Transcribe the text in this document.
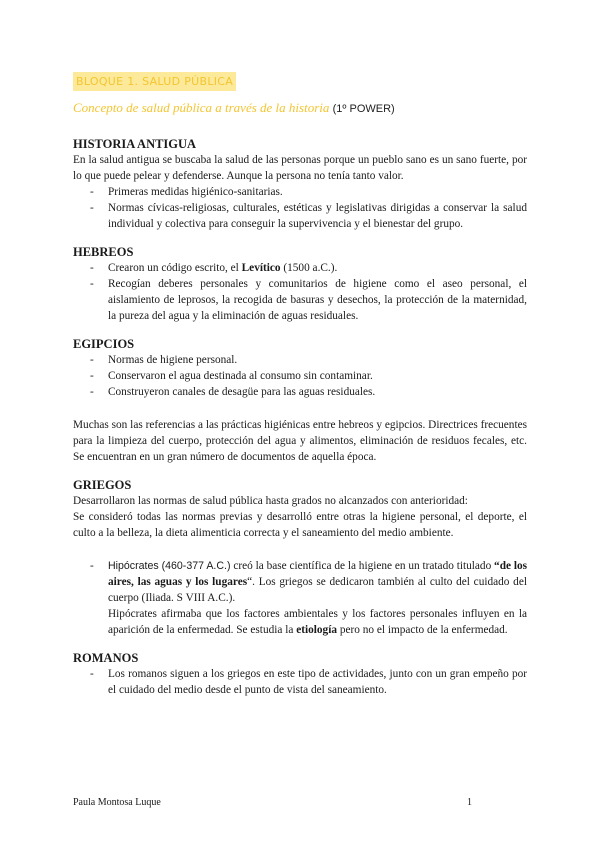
BLOQUE 1. SALUD PÚBLICA
Concepto de salud pública a través de la historia (1º POWER)
HISTORIA ANTIGUA

En la salud antigua se buscaba la salud de las personas porque un pueblo sano es un sano fuerte, por lo que puede pelear y defenderse. Aunque la persona no tenía tanto valor.

- Primeras medidas higiénico-sanitarias.
- Normas cívicas-religiosas, culturales, estéticas y legislativas dirigidas a conservar la salud individual y colectiva para conseguir la supervivencia y el bienestar del grupo.
HEBREOS
- Crearon un código escrito, el Levítico (1500 a.C.).
- Recogían deberes personales y comunitarios de higiene como el aseo personal, el aislamiento de leprosos, la recogida de basuras y desechos, la protección de la maternidad, la pureza del agua y la eliminación de aguas residuales.
EGIPCIOS
- Normas de higiene personal.
- Conservaron el agua destinada al consumo sin contaminar.
- Construyeron canales de desagüe para las aguas residuales.

Muchas son las referencias a las prácticas higiénicas entre hebreos y egipcios. Directrices frecuentes para la limpieza del cuerpo, protección del agua y alimentos, eliminación de residuos fecales, etc. Se encuentran en un gran número de documentos de aquella época.

GRIEGOS

Desarrollaron las normas de salud pública hasta grados no alcanzados con anterioridad:

Se consideró todas las normas previas y desarrolló entre otras la higiene personal, el deporte, el culto a la belleza, la dieta alimenticia correcta y el saneamiento del medio ambiente.

- Hipócrates (460-377 A.C.) creó la base científica de la higiene en un tratado titulado “de los aires, las aguas y los lugares“. Los griegos se dedicaron también al culto del cuidado del cuerpo (Iliada. S VIII A.C.).
Hipócrates afirmaba que los factores ambientales y los factores personales influyen en la aparición de la enfermedad. Se estudia la etiología pero no el impacto de la enfermedad.
ROMANOS
- Los romanos siguen a los griegos en este tipo de actividades, junto con un gran empeño por el cuidado del medio desde el punto de vista del saneamiento.
Paula Montosa Luque	1
